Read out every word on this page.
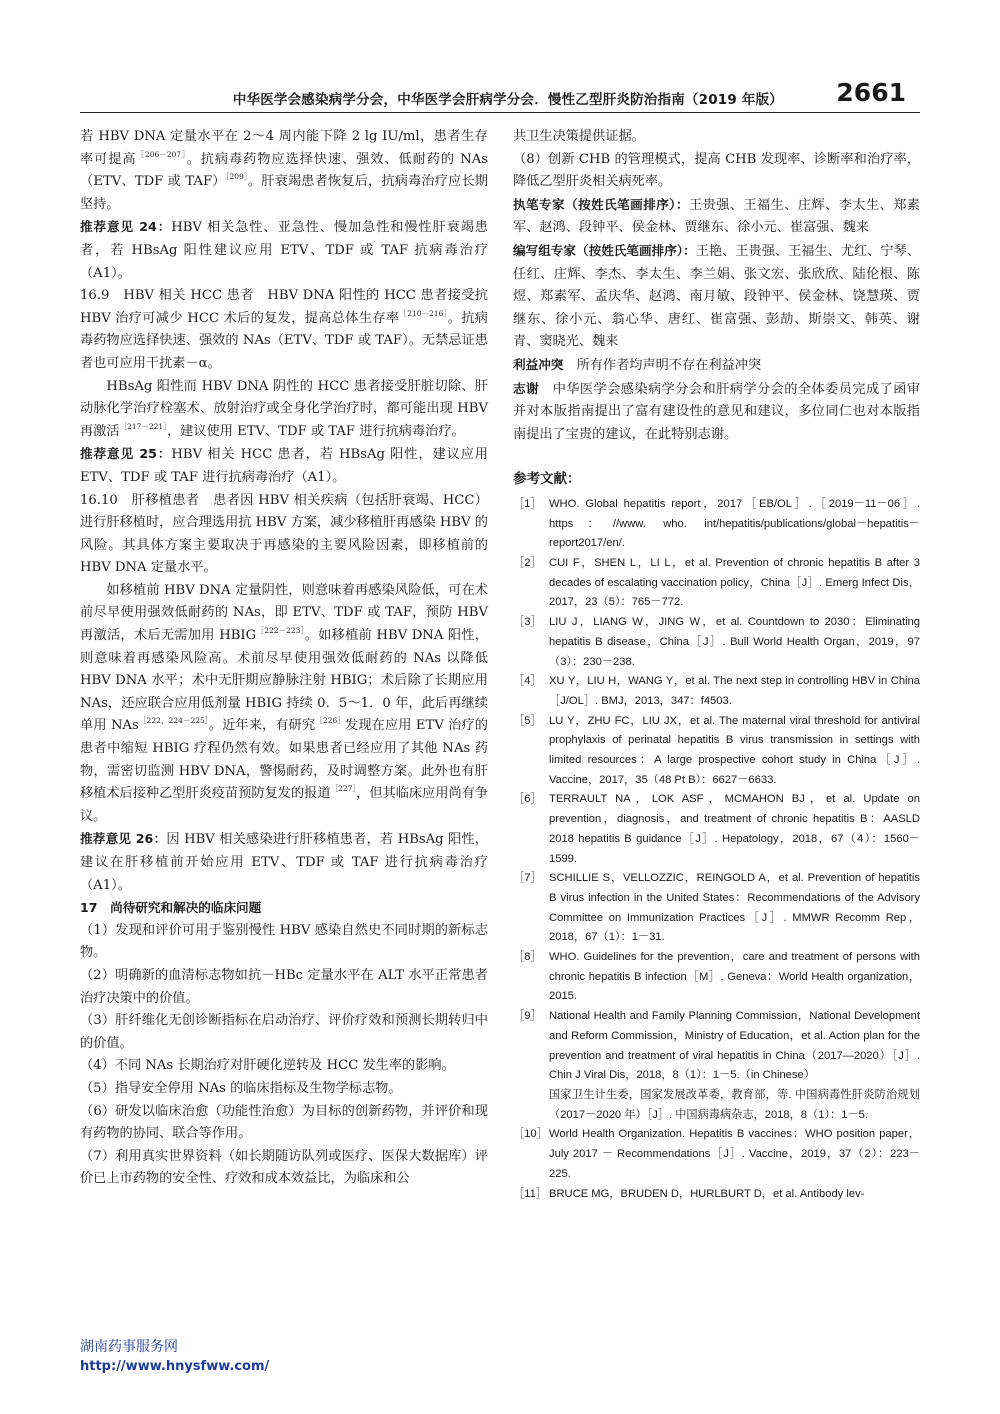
中华医学会感染病学分会，中华医学会肝病学分会．慢性乙型肝炎防治指南（2019 年版） 2661

若 HBV DNA 定量水平在 2～4 周内能下降 2 lg IU/ml，患者生存率可提高$^{[206-207]}$。抗病毒药物应选择快速、强效、低耐药的 NAs（ETV、TDF 或 TAF）$^{[209]}$。肝衰竭患者恢复后，抗病毒治疗应长期坚持。

推荐意见 24：HBV 相关急性、亚急性、慢加急性和慢性肝衰竭患者，若 HBsAg 阳性建议应用 ETV、TDF 或 TAF 抗病毒治疗（A1）。

16.9　HBV 相关 HCC 患者　HBV DNA 阳性的 HCC 患者接受抗 HBV 治疗可减少 HCC 术后的复发，提高总体生存率$^{[210-216]}$。抗病毒药物应选择快速、强效的 NAs（ETV、TDF 或 TAF）。无禁忌证患者也可应用干扰素－α。

HBsAg 阳性而 HBV DNA 阴性的 HCC 患者接受肝脏切除、肝动脉化学治疗栓塞术、放射治疗或全身化学治疗时，都可能出现 HBV 再激活$^{[217-221]}$，建议使用 ETV、TDF 或 TAF 进行抗病毒治疗。

推荐意见 25：HBV 相关 HCC 患者，若 HBsAg 阳性，建议应用 ETV、TDF 或 TAF 进行抗病毒治疗（A1）。

16.10　肝移植患者　患者因 HBV 相关疾病（包括肝衰竭、HCC）进行肝移植时，应合理选用抗 HBV 方案，减少移植肝再感染 HBV 的风险。其具体方案主要取决于再感染的主要风险因素，即移植前的 HBV DNA 定量水平。

如移植前 HBV DNA 定量阴性，则意味着再感染风险低，可在术前尽早使用强效低耐药的 NAs，即 ETV、TDF 或 TAF，预防 HBV 再激活，术后无需加用 $HBIG^{[222-223]}$。如移植前 HBV DNA 阳性，则意味着再感染风险高。术前尽早使用强效低耐药的 NAs 以降低 HBV DNA 水平；术中无肝期应静脉注射 HBIG；术后除了长期应用 NAs，还应联合应用低剂量 HBIG 持续 0．5～1．0 年，此后再继续单用 NAs$^{[222,224-225]}$。近年来，有研究$^{[226]}$发现在应用 ETV 治疗的患者中缩短 HBIG 疗程仍然有效。如果患者已经应用了其他 NAs 药物，需密切监测 HBV DNA，警惕耐药，及时调整方案。此外也有肝移植术后接种乙型肝炎疫苗预防复发的报道$^{[227]}$，但其临床应用尚有争议。

推荐意见 26：因 HBV 相关感染进行肝移植患者，若 HBsAg 阳性，建议在肝移植前开始应用 ETV、TDF 或 TAF 进行抗病毒治疗（A1）。

17　尚待研究和解决的临床问题

（1）发现和评价可用于鉴别慢性 HBV 感染自然史不同时期的新标志物。

（2）明确新的血清标志物如抗－HBc 定量水平在 ALT 水平正常患者治疗决策中的价值。

（3）肝纤维化无创诊断指标在启动治疗、评价疗效和预测长期转归中的价值。

（4）不同 NAs 长期治疗对肝硬化逆转及 HCC 发生率的影响。

（5）指导安全停用 NAs 的临床指标及生物学标志物。

（6）研发以临床治愈（功能性治愈）为目标的创新药物，并评价和现有药物的协同、联合等作用。

（7）利用真实世界资料（如长期随访队列或医疗、医保大数据库）评价已上市药物的安全性、疗效和成本效益比，为临床和公

共卫生决策提供证据。

（8）创新 CHB 的管理模式，提高 CHB 发现率、诊断率和治疗率，降低乙型肝炎相关病死率。

执笔专家（按姓氏笔画排序）：王贵强、王福生、庄辉、李太生、郑素军、赵鸿、段钟平、侯金林、贾继东、徐小元、崔富强、魏来

编写组专家（按姓氏笔画排序）：王艳、王贵强、王福生、尤红、宁琴、任红、庄辉、李杰、李太生、李兰娟、张文宏、张欣欣、陆伦根、陈煜、郑素军、孟庆华、赵鸿、南月敏、段钟平、侯金林、饶慧瑛、贾继东、徐小元、翁心华、唐红、崔富强、彭劼、斯崇文、韩英、谢青、窦晓光、魏来

利益冲突　 所有作者均声明不存在利益冲突

志谢　 中华医学会感染病学分会和肝病学分会的全体委员完成了函审并对本版指南提出了富有建设性的意见和建议，多位同仁也对本版指南提出了宝贵的建议，在此特别志谢。

参考文献：
［1］ WHO. Global hepatitis report，2017［EB/OL］.［2019－11－06］. https：//www. who. int/hepatitis/publications/global－hepatitis－report2017/en/.
［2］ CUI F，SHEN L，LI L，et al. Prevention of chronic hepatitis B after 3 decades of escalating vaccination policy，China［J］. Emerg Infect Dis，2017，23（5）：765－772.
［3］ LIU J，LIANG W，JING W，et al. Countdown to 2030：Eliminating hepatitis B disease，China［J］. Bull World Health Organ，2019，97（3）：230－238.
［4］ XU Y，LIU H，WANG Y，et al. The next step in controlling HBV in China［J/OL］. BMJ，2013，347：f4503.
［5］ LU Y，ZHU FC，LIU JX，et al. The maternal viral threshold for antiviral prophylaxis of perinatal hepatitis B virus transmission in settings with limited resources：A large prospective cohort study in China［J］. Vaccine，2017，35（48 Pt B）：6627－6633.
［6］ TERRAULT NA，LOK ASF，MCMAHON BJ，et al. Update on prevention，diagnosis，and treatment of chronic hepatitis B：AASLD 2018 hepatitis B guidance［J］. Hepatology，2018，67（4）：1560－1599.
［7］ SCHILLIE S，VELLOZZIC，REINGOLD A，et al. Prevention of hepatitis B virus infection in the United States：Recommendations of the Advisory Committee on Immunization Practices［J］. MMWR Recomm Rep，2018，67（1）：1－31.
［8］ WHO. Guidelines for the prevention，care and treatment of persons with chronic hepatitis B infection［M］. Geneva：World Health organization，2015.
［9］ National Health and Family Planning Commission，National Development and Reform Commission，Ministry of Education，et al. Action plan for the prevention and treatment of viral hepatitis in China（2017—2020）［J］. Chin J Viral Dis，2018，8（1）：1－5.（in Chinese）
国家卫生计生委，国家发展改革委，教育部，等. 中国病毒性肝炎防治规划（2017－2020 年）［J］. 中国病毒病杂志，2018，8（1）：1－5.
［10］ World Health Organization. Hepatitis B vaccines：WHO position paper，July 2017 － Recommendations［J］. Vaccine，2019，37（2）：223－225.
［11］ BRUCE MG，BRUDEN D，HURLBURT D，et al. Antibody lev-
湖南药事服务网
http://www.hnysfww.com/
